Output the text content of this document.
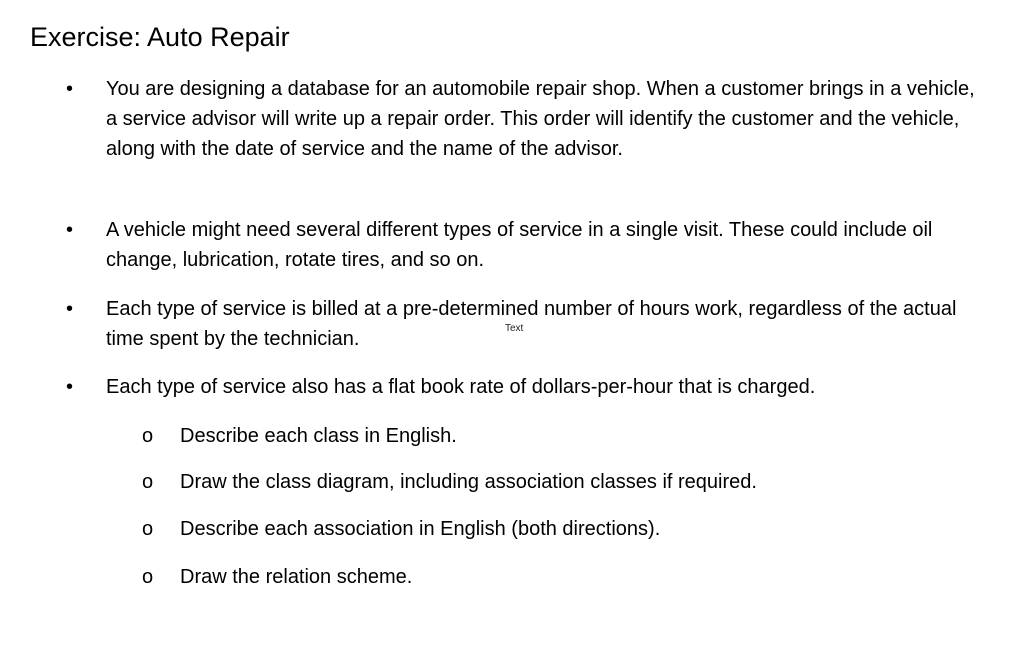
Exercise: Auto Repair
•	You are designing a database for an automobile repair shop. When a customer brings in a vehicle, a service advisor will write up a repair order. This order will identify the customer and the vehicle, along with the date of service and the name of the advisor.
•	A vehicle might need several different types of service in a single visit. These could include oil change, lubrication, rotate tires, and so on.
•	Each type of service is billed at a pre-determined number of hours work, regardless of the actual time spent by the technician.
•	Each type of service also has a flat book rate of dollars-per-hour that is charged.
o Describe each class in English.
o Draw the class diagram, including association classes if required.
o Describe each association in English (both directions).
o Draw the relation scheme.
Text
